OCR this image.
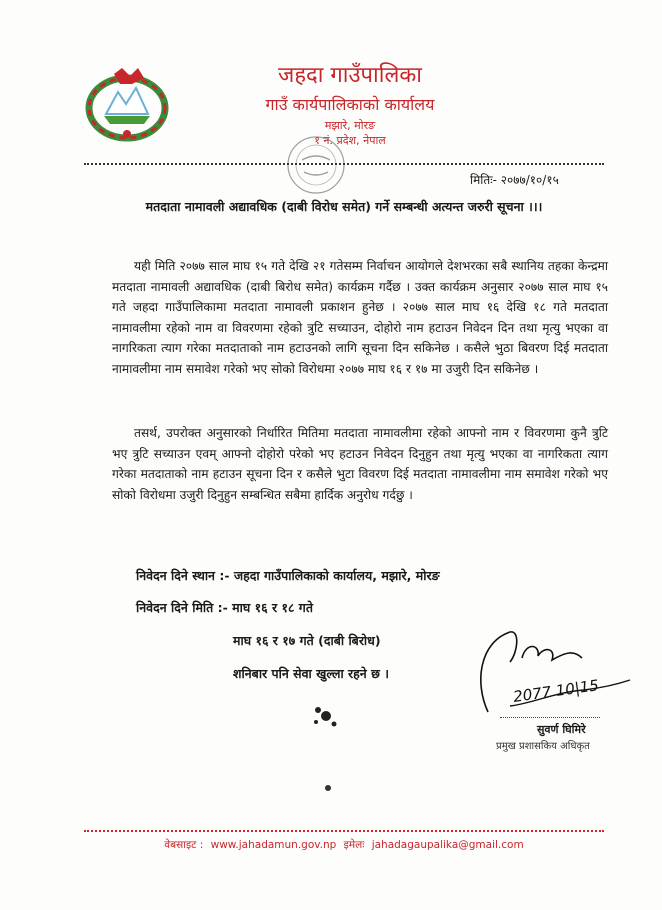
जहदा गाउँपालिका
गाउँ कार्यपालिकाको कार्यालय
मझारे, मोरङ
१ नं. प्रदेश, नेपाल
मितिः- २०७७/१०/१५
मतदाता नामावली अद्यावधिक (दाबी विरोध समेत) गर्ने सम्बन्धी अत्यन्त जरुरी सूचना ।।।

यही मिति २०७७ साल माघ १५ गते देखि २१ गतेसम्म निर्वाचन आयोगले देशभरका सबै स्थानिय तहका केन्द्रमा मतदाता नामावली अद्यावधिक (दाबी बिरोध समेत) कार्यक्रम गर्दैछ । उक्त कार्यक्रम अनुसार २०७७ साल माघ १५ गते जहदा गाउँपालिकामा मतदाता नामावली प्रकाशन हुनेछ । २०७७ साल माघ १६ देखि १८ गते मतदाता नामावलीमा रहेको नाम वा विवरणमा रहेको त्रुटि सच्याउन, दोहोरो नाम हटाउन निवेदन दिन तथा मृत्यु भएका वा नागरिकता त्याग गरेका मतदाताको नाम हटाउनको लागि सूचना दिन सकिनेछ । कसैले भुठा बिवरण दिई मतदाता नामावलीमा नाम समावेश गरेको भए सोको विरोधमा २०७७ माघ १६ र १७ मा उजुरी दिन सकिनेछ ।

तसर्थ, उपरोक्त अनुसारको निर्धारित मितिमा मतदाता नामावलीमा रहेको आफ्नो नाम र विवरणमा कुनै त्रुटि भए त्रुटि सच्याउन एवम् आफ्नो दोहोरो परेको भए हटाउन निवेदन दिनुहुन तथा मृत्यु भएका वा नागरिकता त्याग गरेका मतदाताको नाम हटाउन सूचना दिन र कसैले भुटा विवरण दिई मतदाता नामावलीमा नाम समावेश गरेको भए सोको विरोधमा उजुरी दिनुहुन सम्बन्धित सबैमा हार्दिक अनुरोध गर्दछु ।

निवेदन दिने स्थान :- जहदा गाउँपालिकाको कार्यालय, मझारे, मोरङ
निवेदन दिने मिति :- माघ १६ र १८ गते
माघ १६ र १७ गते (दाबी बिरोध)
शनिबार पनि सेवा खुल्ला रहने छ ।
2077 10|15
सुवर्ण घिमिरे
प्रमुख प्रशासकिय अधिकृत
वेबसाइट : www.jahadamun.gov.np इमेलः jahadagaupalika@gmail.com
